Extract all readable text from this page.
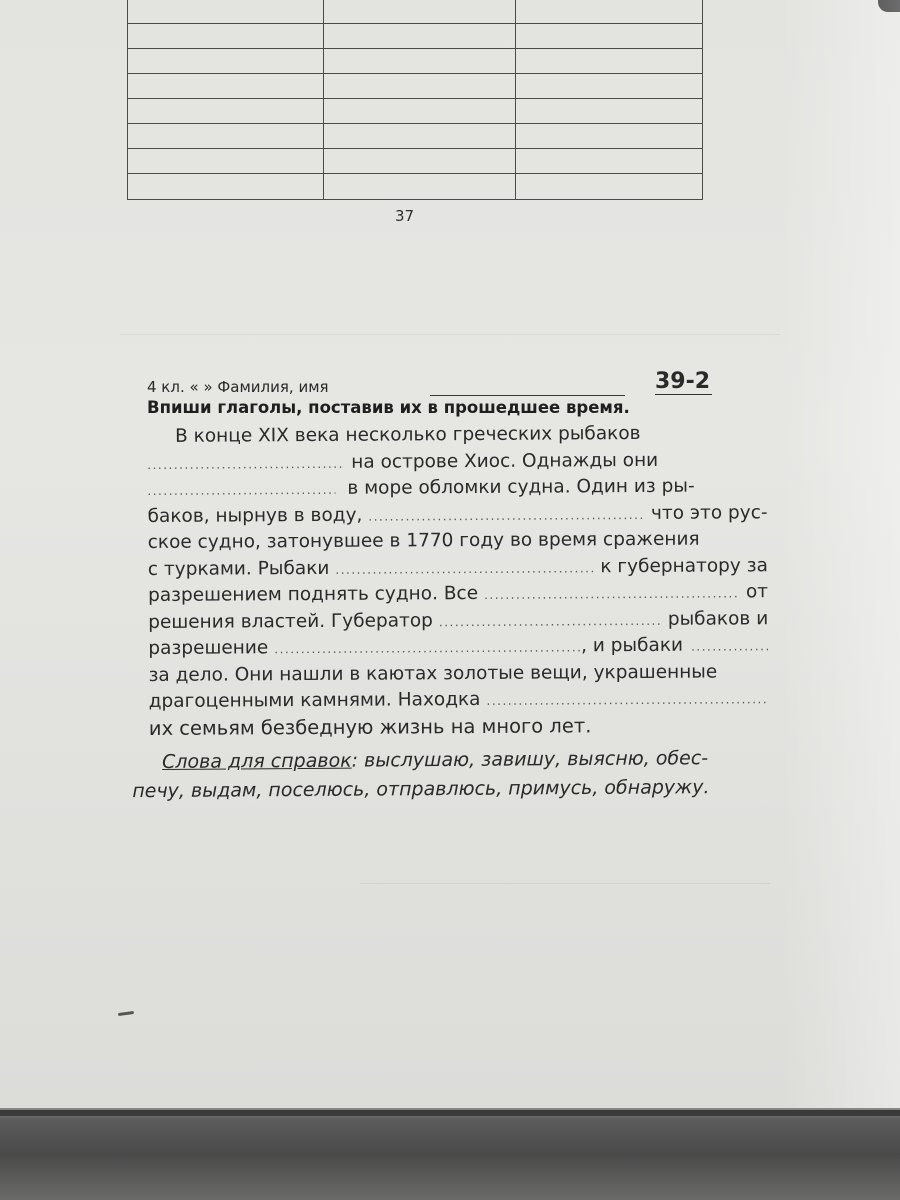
37
4 кл. « » Фамилия, имя	39-2
Впиши глаголы, поставив их в прошедшее время.
В конце XIX века несколько греческих рыбаков
.....
на острове Хиос. Однажды они
.....
в море обломки судна. Один из ры-
баков, нырнув в воду, .....	что это рус-
ское судно, затонувшее в 1770 году во время сражения
с турками. Рыбаки .....	к губернатору за
разрешением поднять судно. Все .....	от
решения властей. Губератор .....	рыбаков и
разрешение .....	, и рыбаки
.....
за дело. Они нашли в каютах золотые вещи, украшенные
драгоценными камнями. Находка
.....
их семьям безбедную жизнь на много лет.
Слова для справок: выслушаю, завишу, выясню, обес-
печу, выдам, поселюсь, отправлюсь, примусь, обнаружу.
